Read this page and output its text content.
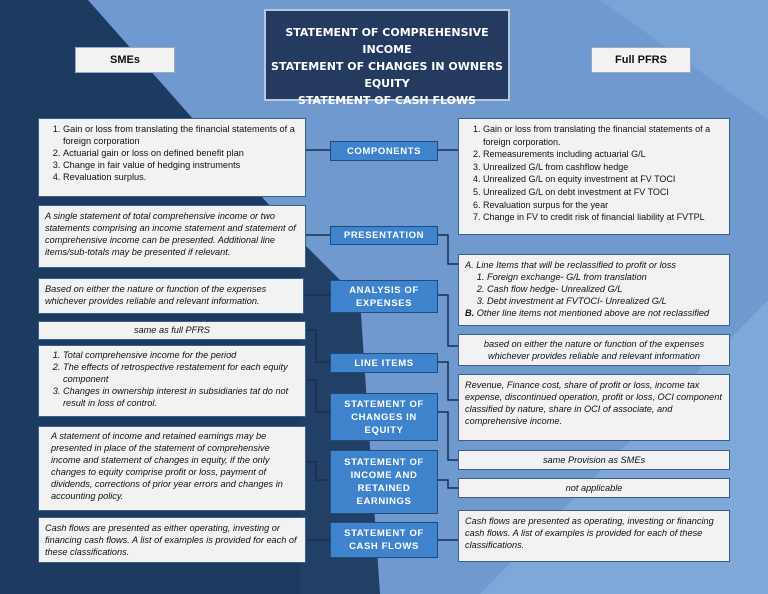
STATEMENT OF COMPREHENSIVE INCOME
STATEMENT OF CHANGES IN OWNERS EQUITY
STATEMENT OF CASH FLOWS
SMEs	Full PFRS
COMPONENTS
PRESENTATION
ANALYSIS OF EXPENSES
LINE ITEMS
STATEMENT OF CHANGES IN EQUITY
STATEMENT OF INCOME AND RETAINED EARNINGS
STATEMENT OF CASH FLOWS
1. Gain or loss from translating the financial statements of a foreign corporation
2. Actuarial gain or loss on defined benefit plan
3. Change in fair value of hedging instruments
4. Revaluation surplus.
A single statement of total comprehensive income or two statements comprising an income statement and statement of comprehensive income can be presented. Additional line items/sub-totals may be presented if relevant.
Based on either the nature or function of the expenses whichever provides reliable and relevant information.
same as full PFRS
1. Total comprehensive income for the period
2. The effects of retrospective restatement for each equity component
3. Changes in ownership interest in subsidiaries tat do not result in loss of control.
A statement of income and retained earnings may be presented in place of the statement of comprehensive income and statement of changes in equity, if the only changes to equity comprise profit or loss, payment of dividends, corrections of prior year errors and changes in accounting policy.
Cash flows are presented as either operating, investing or financing cash flows. A list of examples is provided for each of these classifications.
1. Gain or loss from translating the financial statements of a foreign corporation.
2. Remeasurements including actuarial G/L
3. Unrealized G/L from cashflow hedge
4. Unrealized G/L on equity investment at FV TOCI
5. Unrealized G/L on debt investment at FV TOCI
6. Revaluation surpus for the year
7. Change in FV to credit risk of financial liability at FVTPL
A. Line Items that will be reclassified to profit or loss
1. Foreign exchange- G/L from translation
2. Cash flow hedge- Unrealized G/L
3. Debt investment at FVTOCI- Unrealized G/L
B. Other line items not mentioned above are not reclassified
based on either the nature or function of the expenses whichever provides reliable and relevant information
Revenue, Finance cost, share of profit or loss, income tax expense, discontinued operation, profit or loss, OCI component classified by nature, share in OCI of associate, and comprehensive income.
same Provision as SMEs
not applicable
Cash flows are presented as operating, investing or financing cash flows. A list of examples is provided for each of these classifications.
